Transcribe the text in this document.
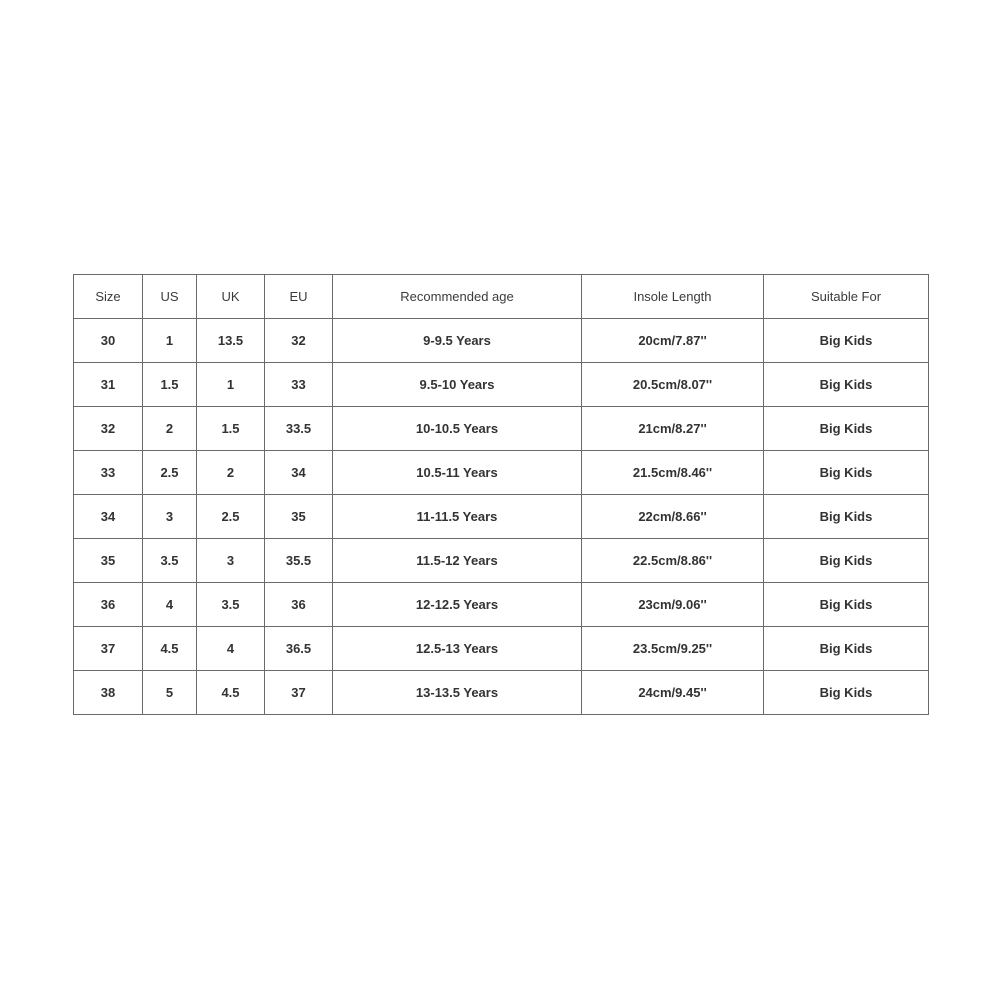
Size	US	UK	EU	Recommended age	Insole Length	Suitable For
30	1	13.5	32	9-9.5 Years	20cm/7.87''	Big Kids
31	1.5	1	33	9.5-10 Years	20.5cm/8.07''	Big Kids
32	2	1.5	33.5	10-10.5 Years	21cm/8.27''	Big Kids
33	2.5	2	34	10.5-11 Years	21.5cm/8.46''	Big Kids
34	3	2.5	35	11-11.5 Years	22cm/8.66''	Big Kids
35	3.5	3	35.5	11.5-12 Years	22.5cm/8.86''	Big Kids
36	4	3.5	36	12-12.5 Years	23cm/9.06''	Big Kids
37	4.5	4	36.5	12.5-13 Years	23.5cm/9.25''	Big Kids
38	5	4.5	37	13-13.5 Years	24cm/9.45''	Big Kids
